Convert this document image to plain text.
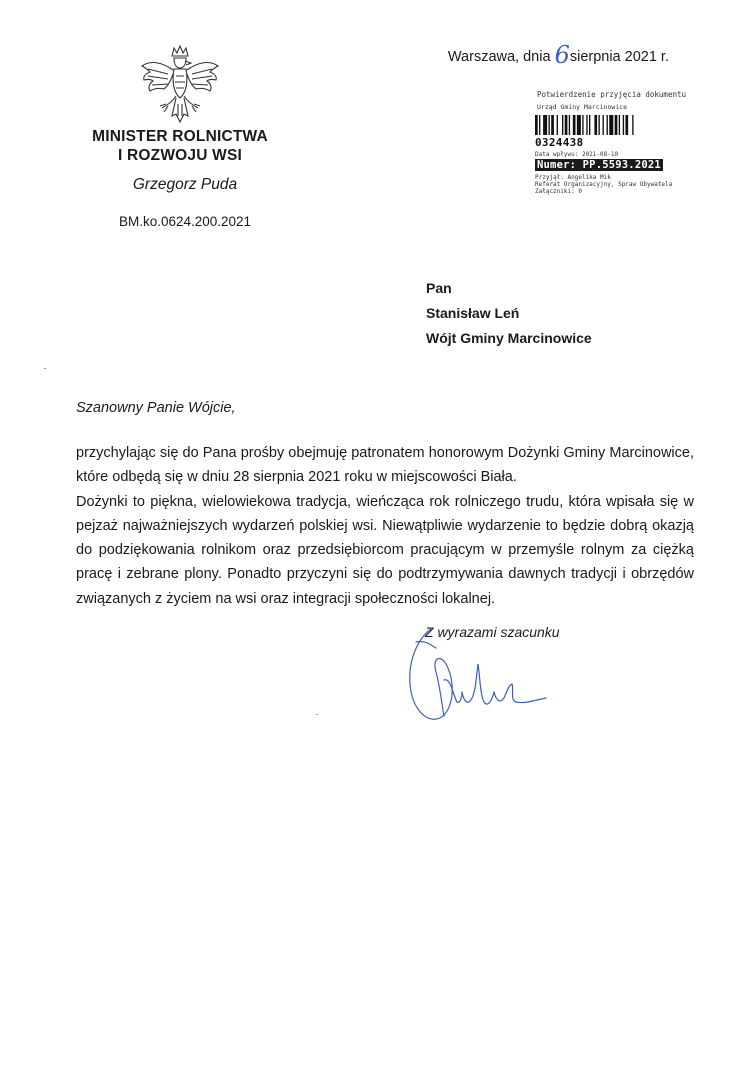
MINISTER ROLNICTWA
I ROZWOJU WSI
Grzegorz Puda
BM.ko.0624.200.2021
Warszawa, dnia 6sierpnia 2021 r.
Potwierdzenie przyjęcia dokumentu
Urząd Gminy Marcinowice
0324438
Data wpływu: 2021-08-10
Numer: PP.5593.2021
Przyjął: Angelika Mik
Referat Organizacyjny, Spraw Obywatela
Załączniki: 0
Pan
Stanisław Leń
Wójt Gminy Marcinowice
Szanowny Panie Wójcie,

przychylając się do Pana prośby obejmuję patronatem honorowym Dożynki Gminy Marcinowice, które odbędą się w dniu 28 sierpnia 2021 roku w miejscowości Biała.

Dożynki to piękna, wielowiekowa tradycja, wieńcząca rok rolniczego trudu, która wpisała się w pejzaż najważniejszych wydarzeń polskiej wsi. Niewątpliwie wydarzenie to będzie dobrą okazją do podziękowania rolnikom oraz przedsiębiorcom pracującym w przemyśle rolnym za ciężką pracę i zebrane plony. Ponadto przyczyni się do podtrzymywania dawnych tradycji i obrzędów związanych z życiem na wsi oraz integracji społeczności lokalnej.

Z wyrazami szacunku
